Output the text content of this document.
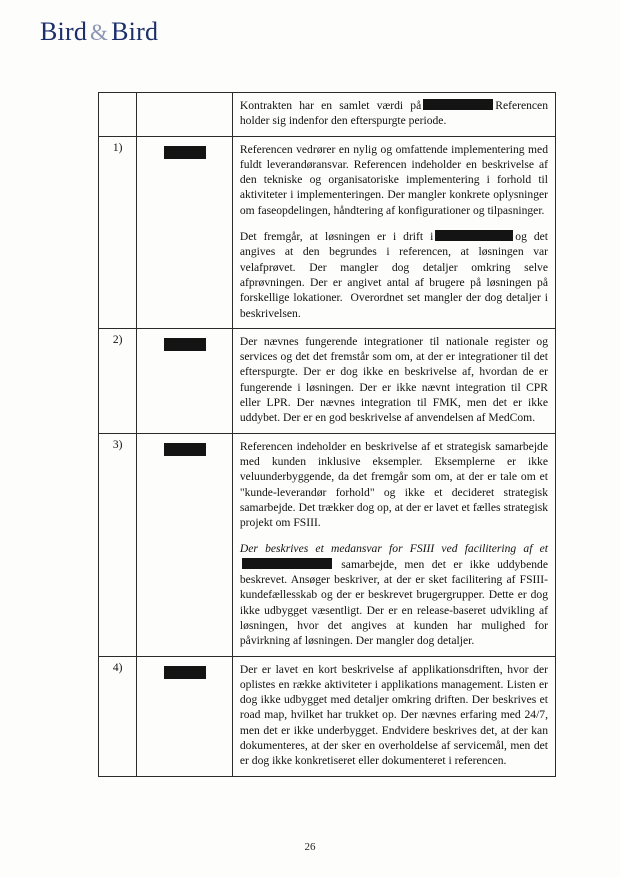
Bird & Bird

		Kontrakten har en samlet værdi på Referencen holder sig indenfor den efterspurgte periode.

1)		Referencen vedrører en nylig og omfattende implementering med fuldt leverandøransvar. Referencen indeholder en beskrivelse af den tekniske og organisatoriske implementering i forhold til aktiviteter i implementeringen. Der mangler konkrete oplysninger om faseopdelingen, håndtering af konfigurationer og tilpasninger.

Det fremgår, at løsningen er i drift i og det angives at den begrundes i referencen, at løsningen var velafprøvet. Der mangler dog detaljer omkring selve afprøvningen. Der er angivet antal af brugere på løsningen på forskellige lokationer.  Overordnet set mangler der dog detaljer i beskrivelsen.

2)		Der nævnes fungerende integrationer til nationale register og services og det det fremstår som om, at der er integrationer til det efterspurgte. Der er dog ikke en beskrivelse af, hvordan de er fungerende i løsningen. Der er ikke nævnt integration til CPR eller LPR. Der nævnes integration til FMK, men det er ikke uddybet. Der er en god beskrivelse af anvendelsen af MedCom.

3)		Referencen indeholder en beskrivelse af et strategisk samarbejde med kunden inklusive eksempler. Eksemplerne er ikke veluunderbyggende, da det fremgår som om, at der er tale om et "kunde-leverandør forhold" og ikke et decideret strategisk samarbejde. Det trækker dog op, at der er lavet et fælles strategisk projekt om FSIII.

Der beskrives et medansvar for FSIII ved facilitering af et  samarbejde, men det er ikke uddybende beskrevet. Ansøger beskriver, at der er sket facilitering af FSIII-kundefællesskab og der er beskrevet brugergrupper. Dette er dog ikke udbygget væsentligt. Der er en release-baseret udvikling af løsningen, hvor det angives at kunden har mulighed for påvirkning af løsningen. Der mangler dog detaljer.

4)		Der er lavet en kort beskrivelse af applikationsdriften, hvor der oplistes en række aktiviteter i applikations management. Listen er dog ikke udbygget med detaljer omkring driften. Der beskrives et road map, hvilket har trukket op. Der nævnes erfaring med 24/7, men det er ikke underbygget. Endvidere beskrives det, at der kan dokumenteres, at der sker en overholdelse af servicemål, men det er dog ikke konkretiseret eller dokumenteret i referencen.

26
